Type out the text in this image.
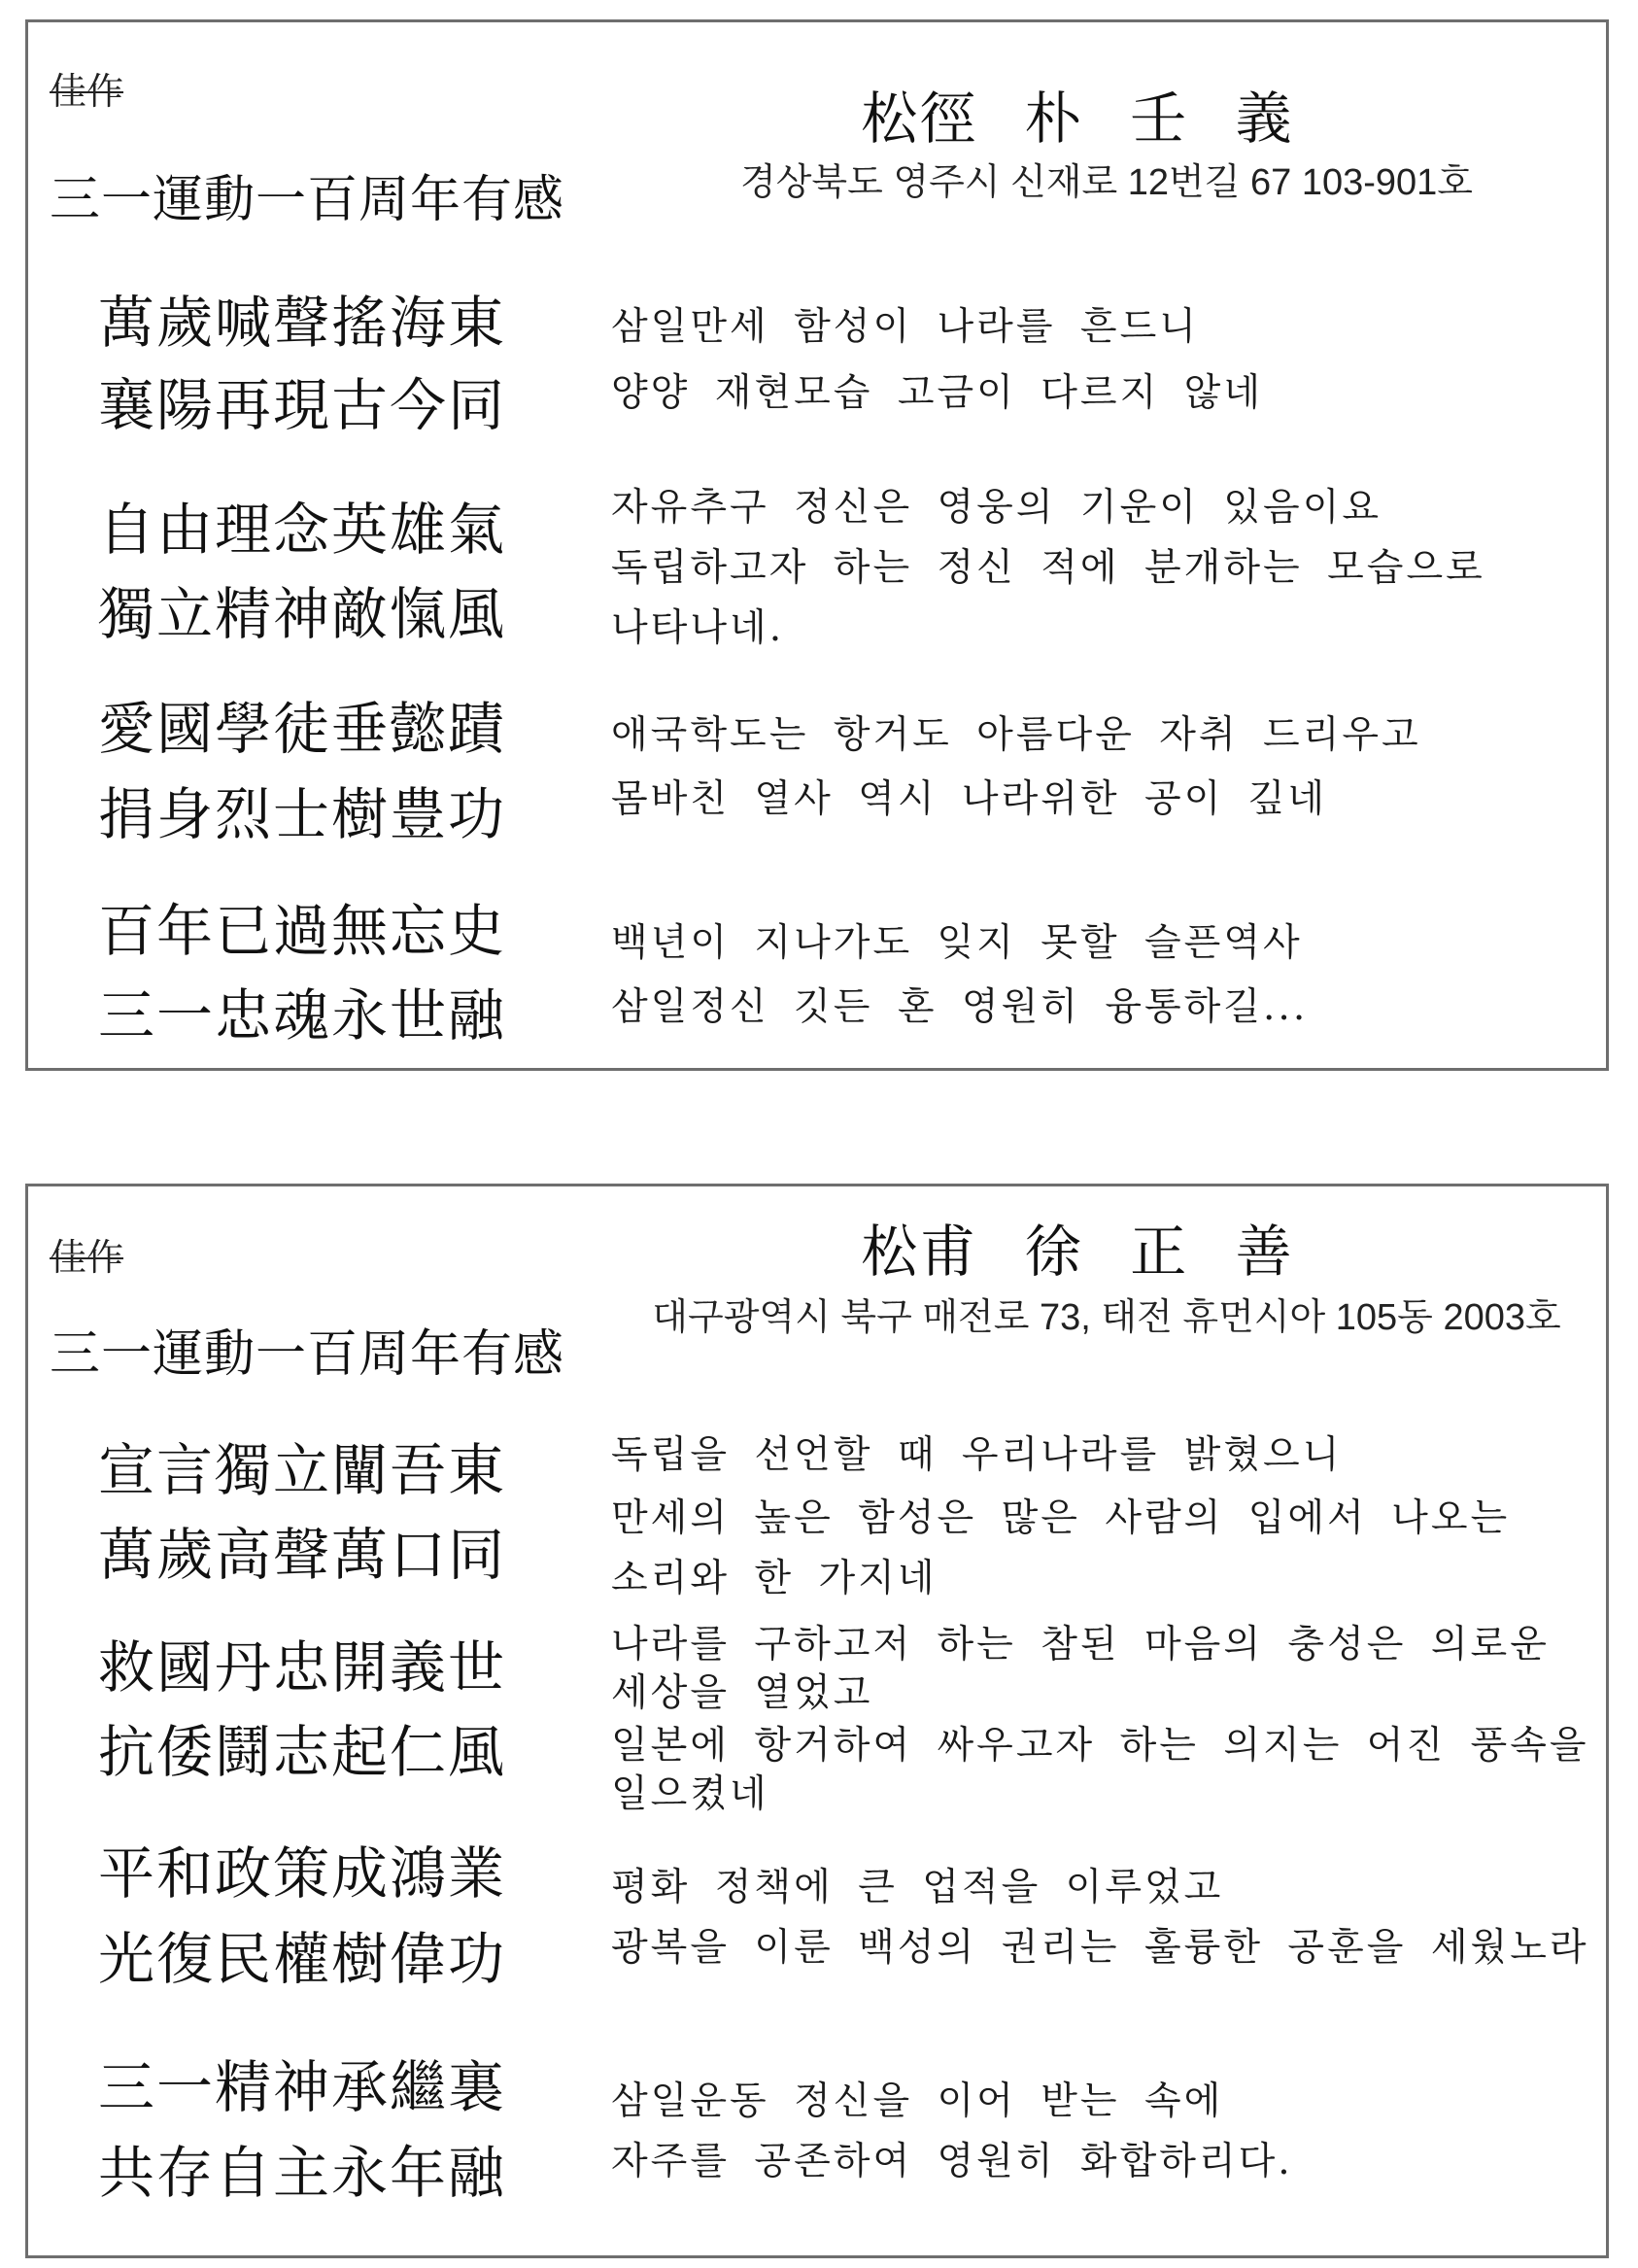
佳作
三一運動一百周年有感
松徑 朴 壬 義
경상북도 영주시 신재로 12번길 67 103-901호
萬歲喊聲搖海東
襄陽再現古今同
自由理念英雄氣
獨立精神敵愾風
愛國學徒垂懿蹟
捐身烈士樹豊功
百年已過無忘史
三一忠魂永世融
삼일만세 함성이 나라를 흔드니
양양 재현모습 고금이 다르지 않네
자유추구 정신은 영웅의 기운이 있음이요
독립하고자 하는 정신 적에 분개하는 모습으로
나타나네.
애국학도는 항거도 아름다운 자취 드리우고
몸바친 열사 역시 나라위한 공이 깊네
백년이 지나가도 잊지 못할 슬픈역사
삼일정신 깃든 혼 영원히 융통하길...
佳作
三一運動一百周年有感
松甫 徐 正 善
대구광역시 북구 매전로 73, 태전 휴먼시아 105동 2003호
宣言獨立闡吾東
萬歲高聲萬口同
救國丹忠開義世
抗倭鬪志起仁風
平和政策成鴻業
光復民權樹偉功
三一精神承繼裏
共存自主永年融
독립을 선언할 때 우리나라를 밝혔으니
만세의 높은 함성은 많은 사람의 입에서 나오는
소리와 한 가지네
나라를 구하고저 하는 참된 마음의 충성은 의로운
세상을 열었고
일본에 항거하여 싸우고자 하는 의지는 어진 풍속을
일으켰네
평화 정책에 큰 업적을 이루었고
광복을 이룬 백성의 권리는 훌륭한 공훈을 세웠노라
삼일운동 정신을 이어 받는 속에
자주를 공존하여 영원히 화합하리다.
